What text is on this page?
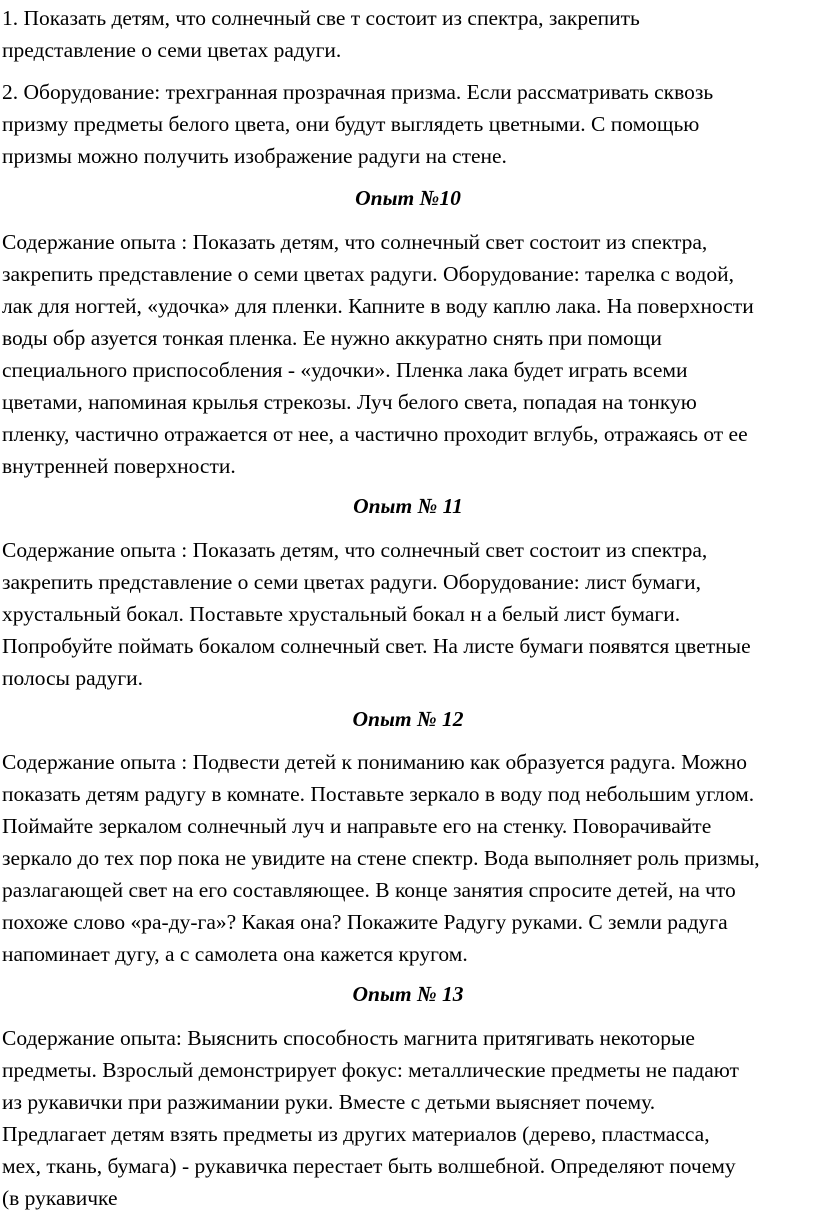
1. Показать детям, что солнечный све т состоит из спектра, закрепить
представление о семи цветах радуги.
2. Оборудование: трехгранная прозрачная призма. Если рассматривать сквозь
призму предметы белого цвета, они будут выглядеть цветными. С помощью
призмы можно получить изображение радуги на стене.
Опыт №10
Содержание опыта : Показать детям, что солнечный свет состоит из спектра,
закрепить представление о семи цветах радуги. Оборудование: тарелка с водой,
лак для ногтей, «удочка» для пленки. Капните в воду каплю лака. На поверхности
воды обр азуется тонкая пленка. Ее нужно аккуратно снять при помощи
специального приспособления - «удочки». Пленка лака будет играть всеми
цветами, напоминая крылья стрекозы. Луч белого света, попадая на тонкую
пленку, частично отражается от нее, а частично проходит вглубь, отражаясь от ее
внутренней поверхности.
Опыт № 11
Содержание опыта : Показать детям, что солнечный свет состоит из спектра,
закрепить представление о семи цветах радуги. Оборудование: лист бумаги,
хрустальный бокал. Поставьте хрустальный бокал н а белый лист бумаги.
Попробуйте поймать бокалом солнечный свет. На листе бумаги появятся цветные
полосы радуги.
Опыт № 12
Содержание опыта : Подвести детей к пониманию как образуется радуга. Можно
показать детям радугу в комнате. Поставьте зеркало в воду под небольшим углом.
Поймайте зеркалом солнечный луч и направьте его на стенку. Поворачивайте
зеркало до тех пор пока не увидите на стене спектр. Вода выполняет роль призмы,
разлагающей свет на его составляющее. В конце занятия спросите детей, на что
похоже слово «ра-ду-га»? Какая она? Покажите Радугу руками. С земли радуга
напоминает дугу, а с самолета она кажется кругом.
Опыт № 13
Содержание опыта: Выяснить способность магнита притягивать некоторые
предметы. Взрослый демонстрирует фокус: металлические предметы не падают
из рукавички при разжимании руки. Вместе с детьми выясняет почему.
Предлагает детям взять предметы из других материалов (дерево, пластмасса,
мех, ткань, бумага) - рукавичка перестает быть волшебной. Определяют почему
(в рукавичке
